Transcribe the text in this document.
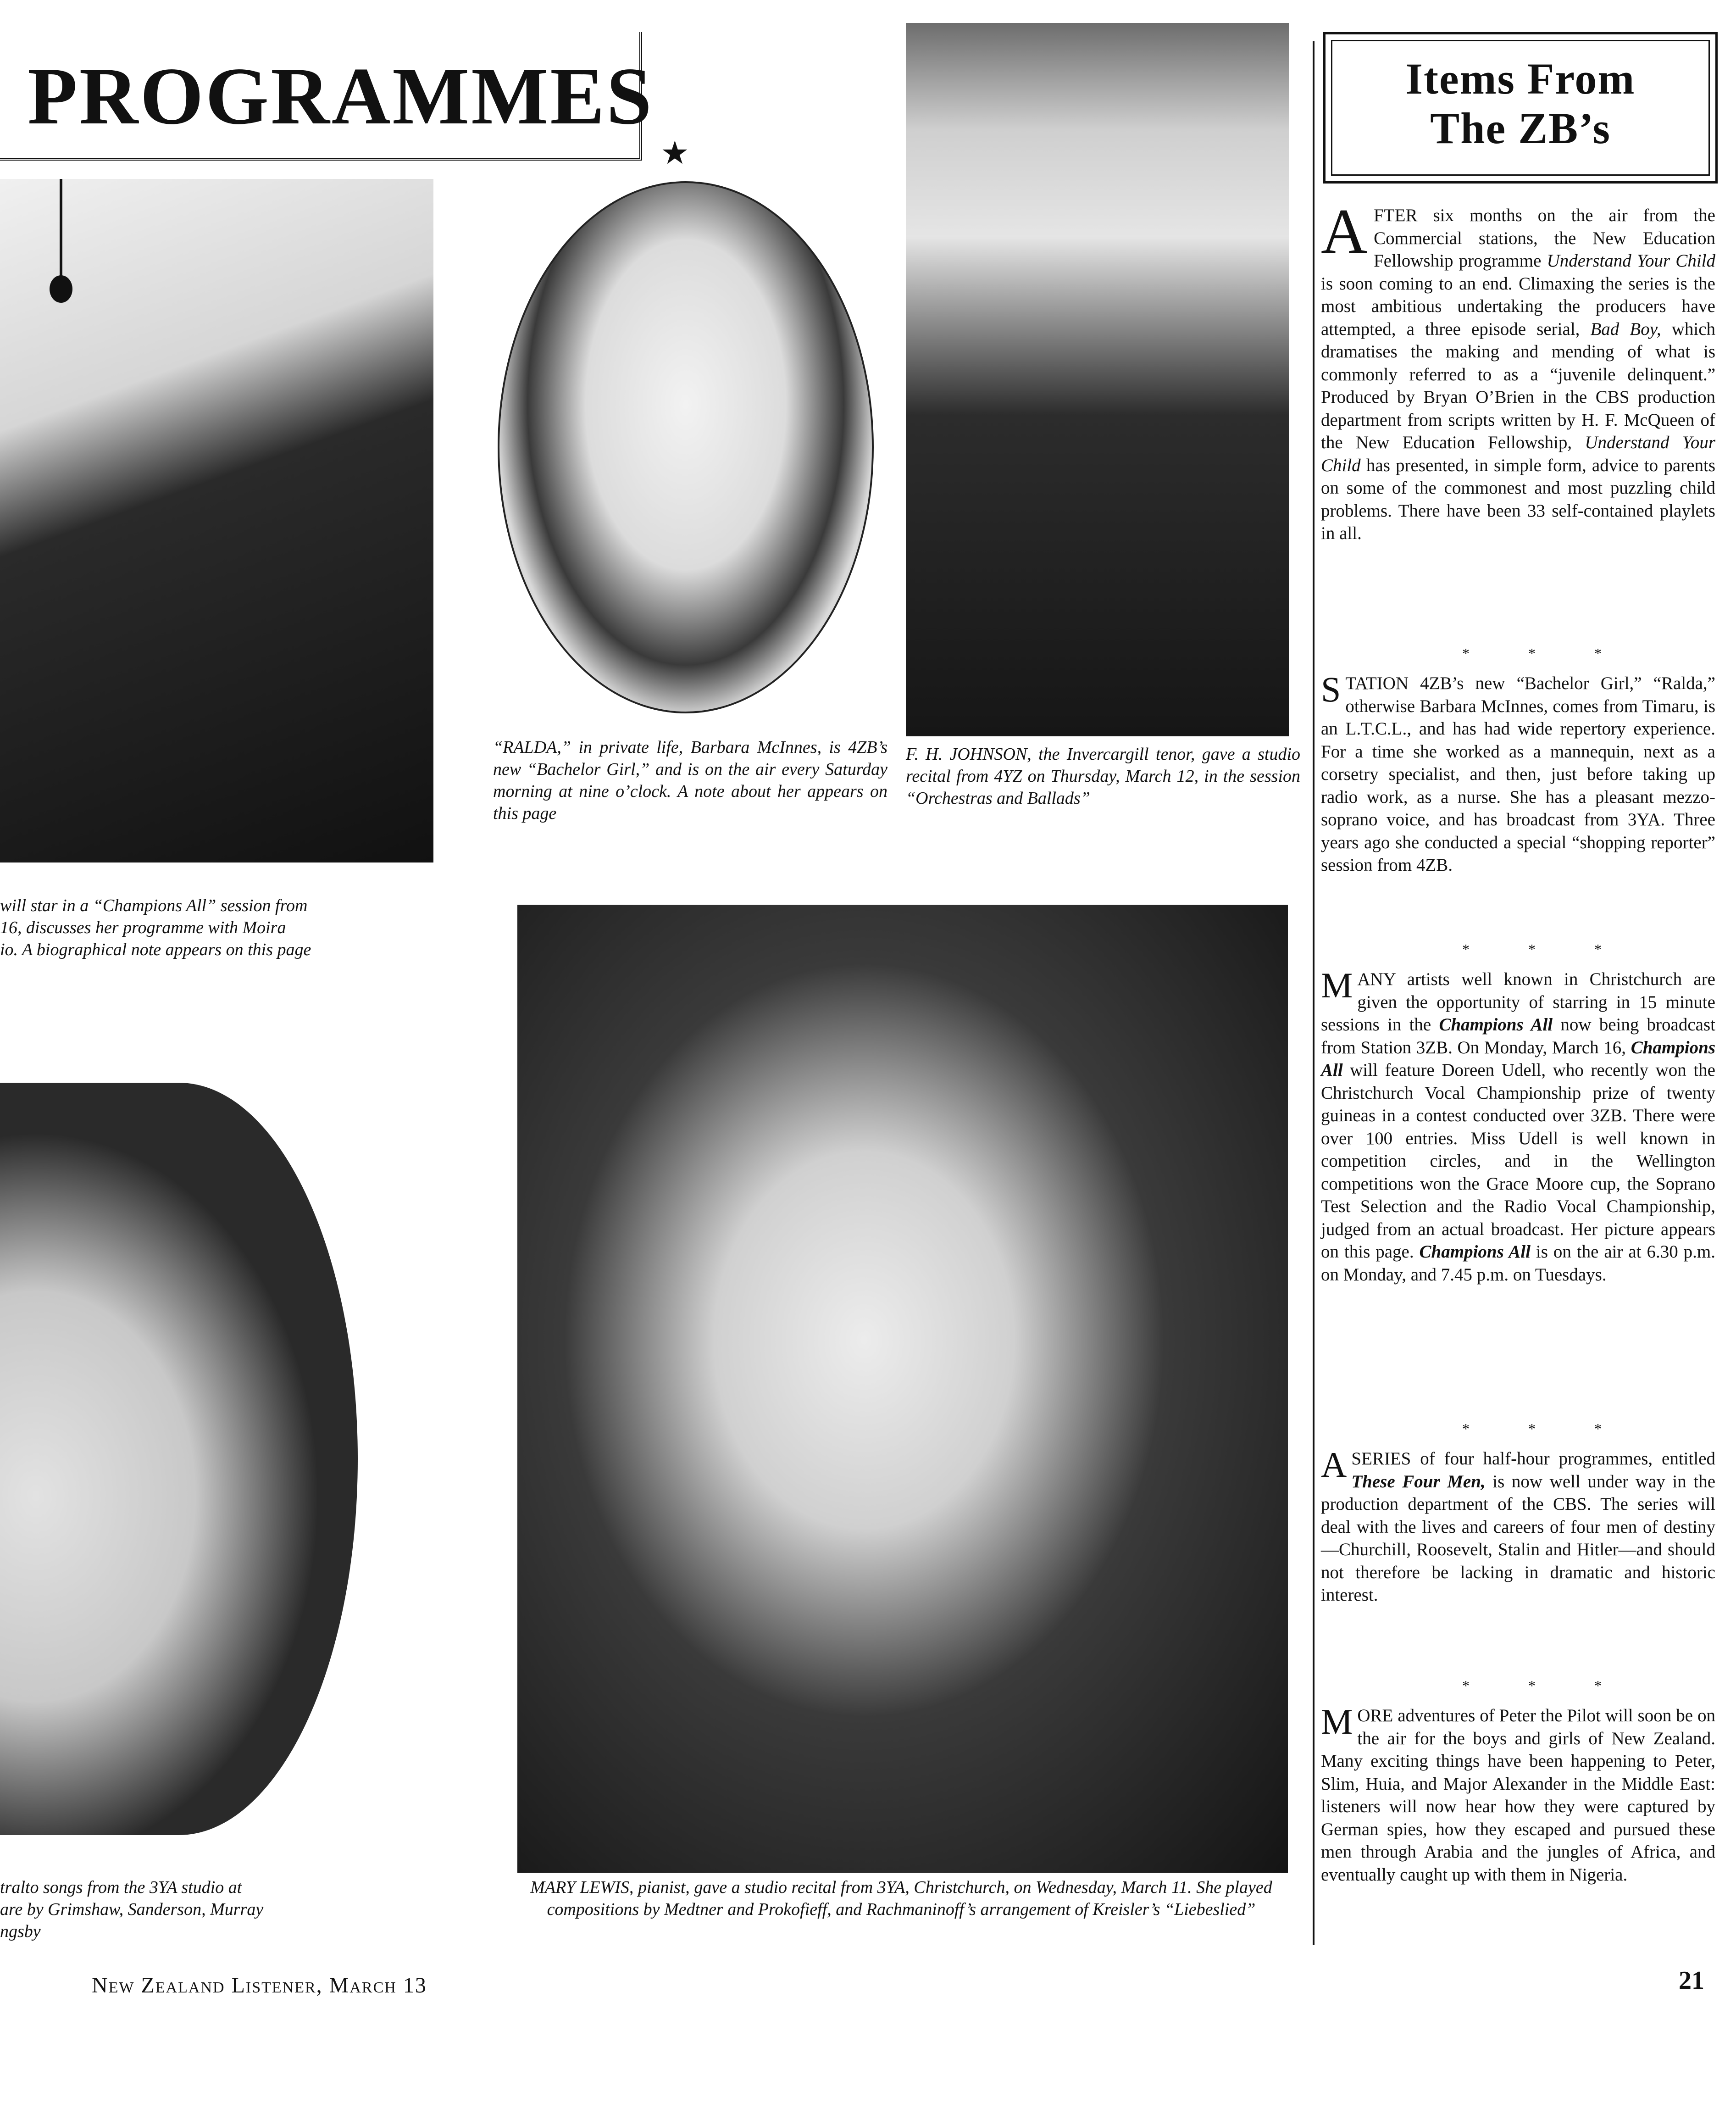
PROGRAMMES
★
will star in a “Champions All” session from
16, discusses her programme with Moira
io. A biographical note appears on this page
“RALDA,” in private life, Barbara McInnes, is 4ZB’s new “Bachelor Girl,” and is on the air every Saturday morning at nine o’clock. A note about her appears on this page
F. H. JOHNSON, the Invercargill tenor, gave a studio recital from 4YZ on Thursday, March 12, in the session “Orchestras and Ballads”
tralto songs from the 3YA studio at
are by Grimshaw, Sanderson, Murray
ngsby
MARY LEWIS, pianist, gave a studio recital from 3YA, Christchurch, on Wednesday, March 11. She played compositions by Medtner and Prokofieff, and Rachmaninoff’s arrangement of Kreisler’s “Liebeslied”
Items From
The ZB’s

AFTER six months on the air from the Commercial stations, the New Education Fellowship programme Understand Your Child is soon coming to an end. Climaxing the series is the most ambitious undertaking the producers have attempted, a three episode serial, Bad Boy, which dramatises the making and mending of what is commonly referred to as a “juvenile delinquent.” Produced by Bryan O’Brien in the CBS production department from scripts written by H. F. McQueen of the New Education Fellowship, Understand Your Child has presented, in simple form, advice to parents on some of the commonest and most puzzling child problems. There have been 33 self-contained playlets in all.

* * *

STATION 4ZB’s new “Bachelor Girl,” “Ralda,” otherwise Barbara McInnes, comes from Timaru, is an L.T.C.L., and has had wide repertory experience. For a time she worked as a mannequin, next as a corsetry specialist, and then, just before taking up radio work, as a nurse. She has a pleasant mezzo-soprano voice, and has broadcast from 3YA. Three years ago she conducted a special “shopping reporter” session from 4ZB.

* * *

MANY artists well known in Christchurch are given the opportunity of starring in 15 minute sessions in the Champions All now being broadcast from Station 3ZB. On Monday, March 16, Champions All will feature Doreen Udell, who recently won the Christchurch Vocal Championship prize of twenty guineas in a contest conducted over 3ZB. There were over 100 entries. Miss Udell is well known in competition circles, and in the Wellington competitions won the Grace Moore cup, the Soprano Test Selection and the Radio Vocal Championship, judged from an actual broadcast. Her picture appears on this page. Champions All is on the air at 6.30 p.m. on Monday, and 7.45 p.m. on Tuesdays.

* * *

A SERIES of four half-hour programmes, entitled These Four Men, is now well under way in the production department of the CBS. The series will deal with the lives and careers of four men of destiny—Churchill, Roosevelt, Stalin and Hitler—and should not therefore be lacking in dramatic and historic interest.

* * *

MORE adventures of Peter the Pilot will soon be on the air for the boys and girls of New Zealand. Many exciting things have been happening to Peter, Slim, Huia, and Major Alexander in the Middle East: listeners will now hear how they were captured by German spies, how they escaped and pursued these men through Arabia and the jungles of Africa, and eventually caught up with them in Nigeria.

New Zealand Listener, March 13	21
